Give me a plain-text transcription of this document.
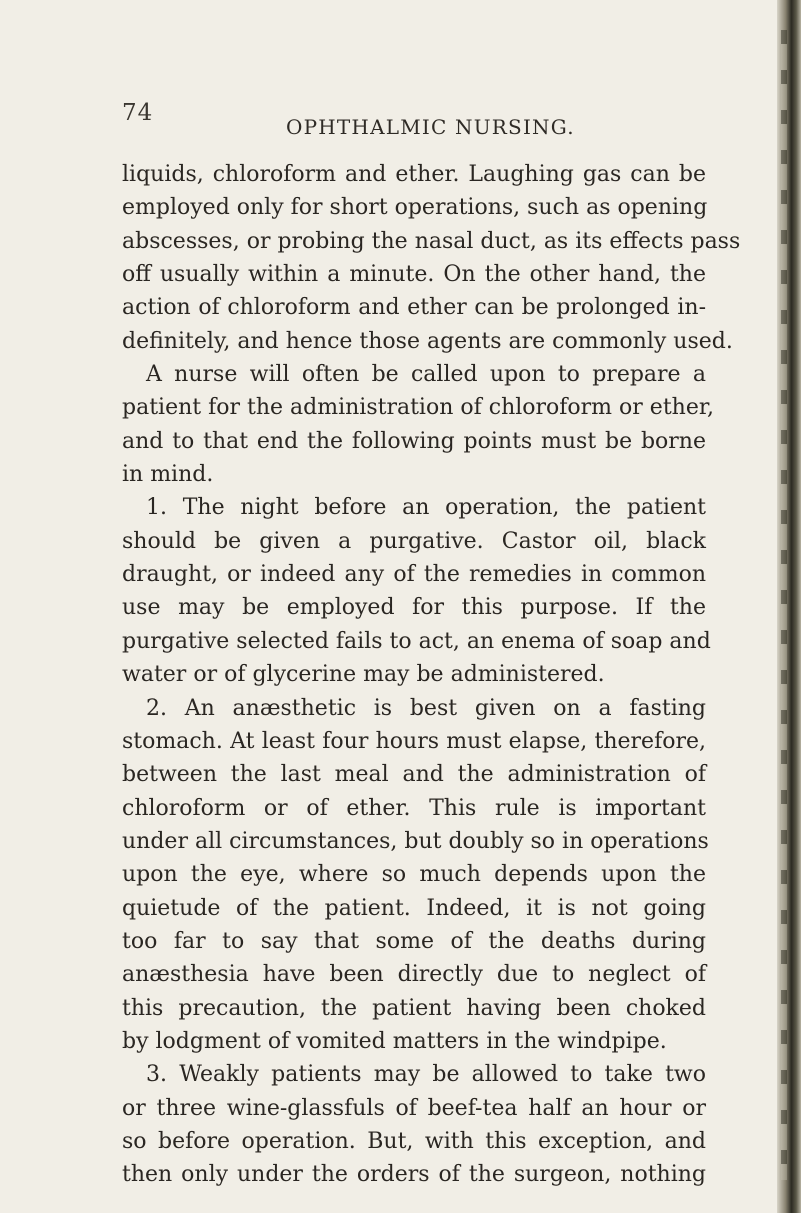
74
OPHTHALMIC NURSING.
liquids, chloroform and ether. Laughing gas can be
employed only for short operations, such as opening
abscesses, or probing the nasal duct, as its effects pass
off usually within a minute. On the other hand, the
action of chloroform and ether can be prolonged in-
definitely, and hence those agents are commonly used.
A nurse will often be called upon to prepare a
patient for the administration of chloroform or ether,
and to that end the following points must be borne
in mind.
1. The night before an operation, the patient
should be given a purgative. Castor oil, black
draught, or indeed any of the remedies in common
use may be employed for this purpose. If the
purgative selected fails to act, an enema of soap and
water or of glycerine may be administered.
2. An anæsthetic is best given on a fasting
stomach. At least four hours must elapse, therefore,
between the last meal and the administration of
chloroform or of ether. This rule is important
under all circumstances, but doubly so in operations
upon the eye, where so much depends upon the
quietude of the patient. Indeed, it is not going
too far to say that some of the deaths during
anæsthesia have been directly due to neglect of
this precaution, the patient having been choked
by lodgment of vomited matters in the windpipe.
3. Weakly patients may be allowed to take two
or three wine-glassfuls of beef-tea half an hour or
so before operation. But, with this exception, and
then only under the orders of the surgeon, nothing
